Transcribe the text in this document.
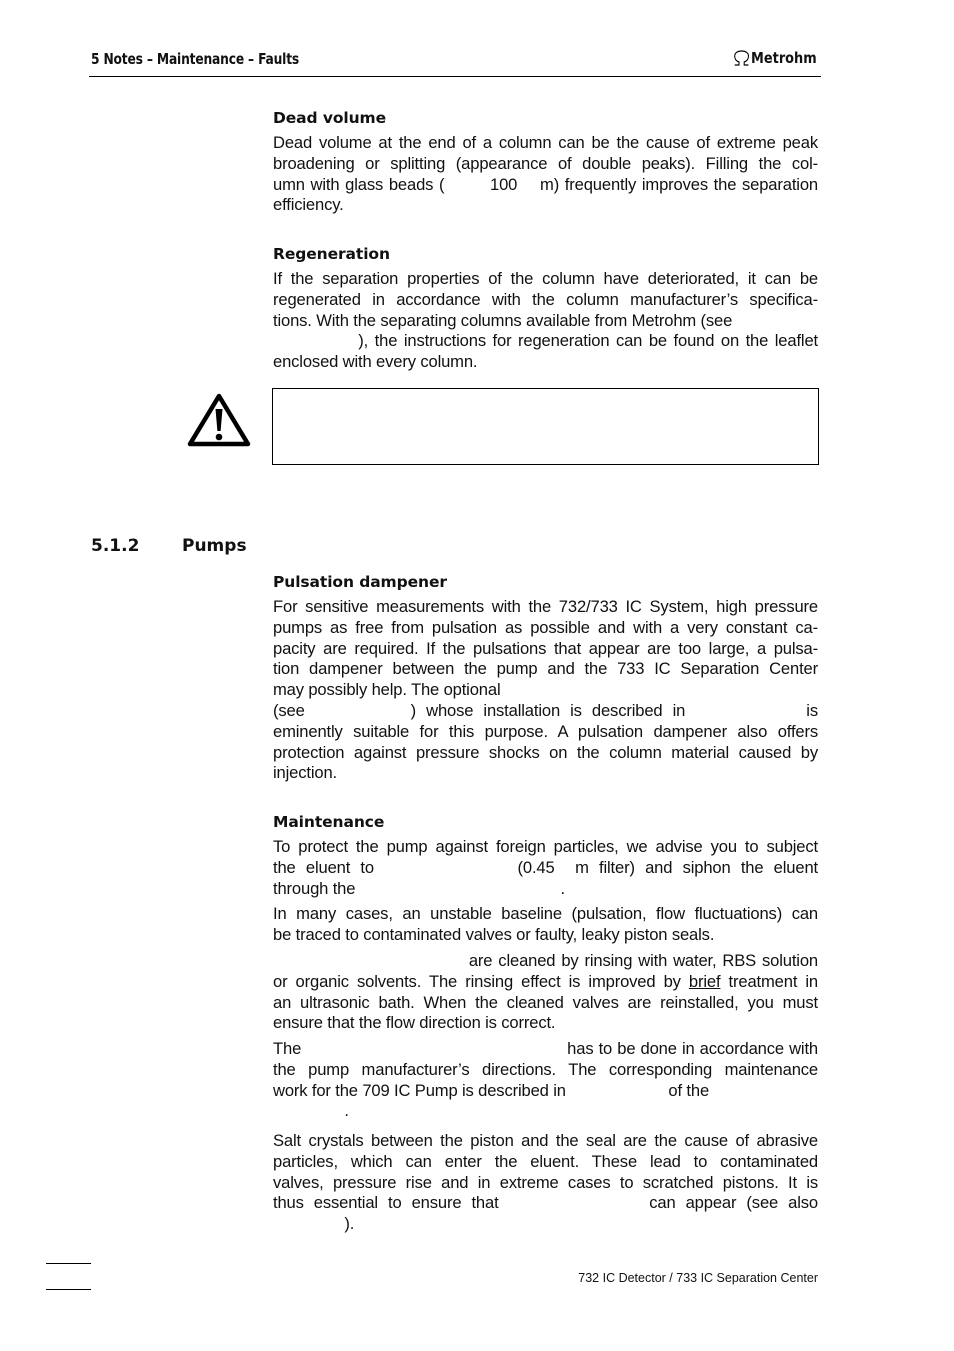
5 Notes – Maintenance – Faults	Metrohm
Dead volume
Dead volume at the end of a column can be the cause of extreme peak
broadening or splitting (appearance of double peaks). Filling the col-
umn with glass beads (        100    m) frequently improves the separation
efficiency.
Regeneration
If the separation properties of the column have deteriorated, it can be
regenerated in accordance with the column manufacturer’s specifica-
tions. With the separating columns available from Metrohm (see
), the instructions for regeneration can be found on the leaflet
enclosed with every column.
5.1.2	Pumps
Pulsation dampener
For sensitive measurements with the 732/733 IC System, high pressure
pumps as free from pulsation as possible and with a very constant ca-
pacity are required. If the pulsations that appear are too large, a pulsa-
tion dampener between the pump and the 733 IC Separation Center
may possibly help. The optional
(see                     )  whose  installation  is  described  in                        is
eminently suitable for this purpose. A pulsation dampener also offers
protection against pressure shocks on the column material caused by
injection.
Maintenance
To protect the pump against foreign particles, we advise you to subject
the  eluent  to                            (0.45    m  filter)  and  siphon  the  eluent
through the                                              .
In many cases, an unstable baseline (pulsation, flow fluctuations) can
be traced to contaminated valves or faulty, leaky piston seals.
are cleaned by rinsing with water, RBS solution
or organic solvents. The rinsing effect is improved by brief treatment in
an ultrasonic bath. When the cleaned valves are reinstalled, you must
ensure that the flow direction is correct.
The                                                    has to be done in accordance with
the pump manufacturer’s directions. The corresponding maintenance
work for the 709 IC Pump is described in                       of the
.
Salt crystals between the piston and the seal are the cause of abrasive
particles, which can enter the eluent. These lead to contaminated
valves, pressure rise and in extreme cases to scratched pistons. It is
thus  essential  to  ensure  that                              can  appear  (see  also
).
732 IC Detector / 733 IC Separation Center
